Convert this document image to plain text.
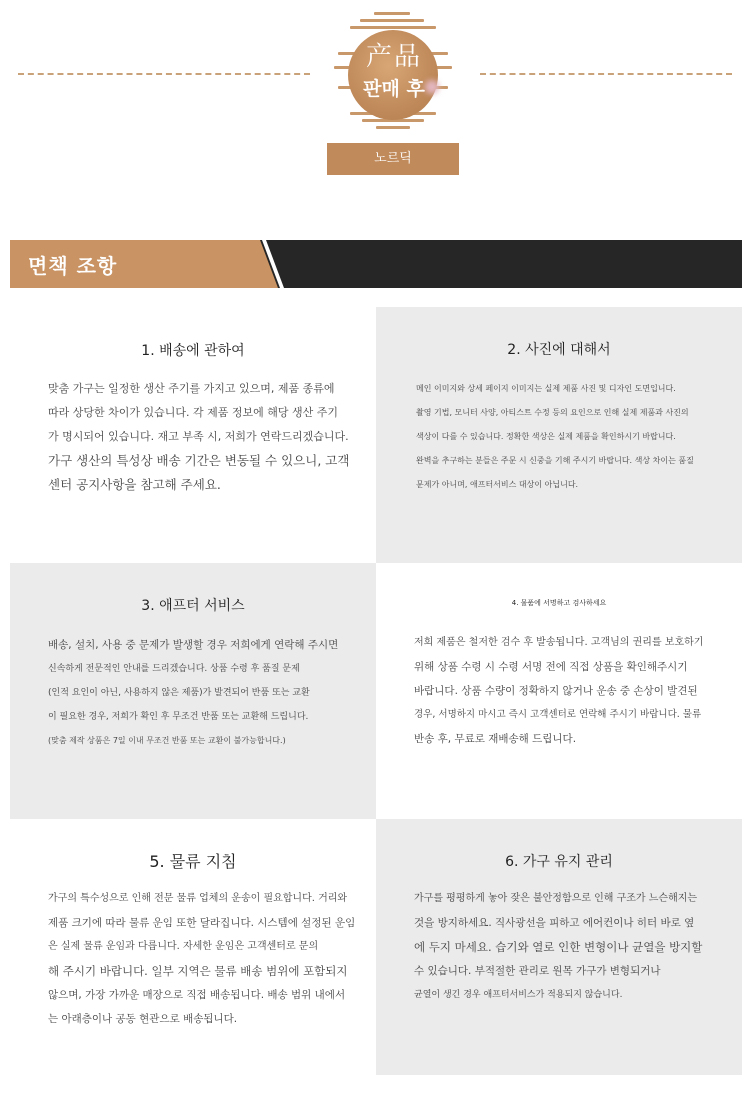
产品
판매 후
노르딕
면책 조항
1. 배송에 관하여

맞춤 가구는 일정한 생산 주기를 가지고 있으며, 제품 종류에

따라 상당한 차이가 있습니다. 각 제품 정보에 해당 생산 주기

가 명시되어 있습니다. 재고 부족 시, 저희가 연락드리겠습니다.

가구 생산의 특성상 배송 기간은 변동될 수 있으니, 고객

센터 공지사항을 참고해 주세요.

2. 사진에 대해서

메인 이미지와 상세 페이지 이미지는 실제 제품 사진 및 디자인 도면입니다.

촬영 기법, 모니터 사양, 아티스트 수정 등의 요인으로 인해 실제 제품과 사진의

색상이 다를 수 있습니다. 정확한 색상은 실제 제품을 확인하시기 바랍니다.

완벽을 추구하는 분들은 주문 시 신중을 기해 주시기 바랍니다. 색상 차이는 품질

문제가 아니며, 애프터서비스 대상이 아닙니다.

3. 애프터 서비스

배송, 설치, 사용 중 문제가 발생할 경우 저희에게 연락해 주시면

신속하게 전문적인 안내를 드리겠습니다. 상품 수령 후 품질 문제

(인적 요인이 아닌, 사용하지 않은 제품)가 발견되어 반품 또는 교환

이 필요한 경우, 저희가 확인 후 무조건 반품 또는 교환해 드립니다.

(맞춤 제작 상품은 7일 이내 무조건 반품 또는 교환이 불가능합니다.)

4. 물품에 서명하고 검사하세요

저희 제품은 철저한 검수 후 발송됩니다. 고객님의 권리를 보호하기

위해 상품 수령 시 수령 서명 전에 직접 상품을 확인해주시기

바랍니다. 상품 수량이 정확하지 않거나 운송 중 손상이 발견된

경우, 서명하지 마시고 즉시 고객센터로 연락해 주시기 바랍니다. 물류

반송 후, 무료로 재배송해 드립니다.

5. 물류 지침

가구의 특수성으로 인해 전문 물류 업체의 운송이 필요합니다. 거리와

제품 크기에 따라 물류 운임 또한 달라집니다. 시스템에 설정된 운임

은 실제 물류 운임과 다릅니다. 자세한 운임은 고객센터로 문의

해 주시기 바랍니다. 일부 지역은 물류 배송 범위에 포함되지

않으며, 가장 가까운 매장으로 직접 배송됩니다. 배송 범위 내에서

는 아래층이나 공동 현관으로 배송됩니다.

6. 가구 유지 관리

가구를 평평하게 놓아 잦은 불안정함으로 인해 구조가 느슨해지는

것을 방지하세요. 직사광선을 피하고 에어컨이나 히터 바로 옆

에 두지 마세요. 습기와 열로 인한 변형이나 균열을 방지할

수 있습니다. 부적절한 관리로 원목 가구가 변형되거나

균열이 생긴 경우 애프터서비스가 적용되지 않습니다.
